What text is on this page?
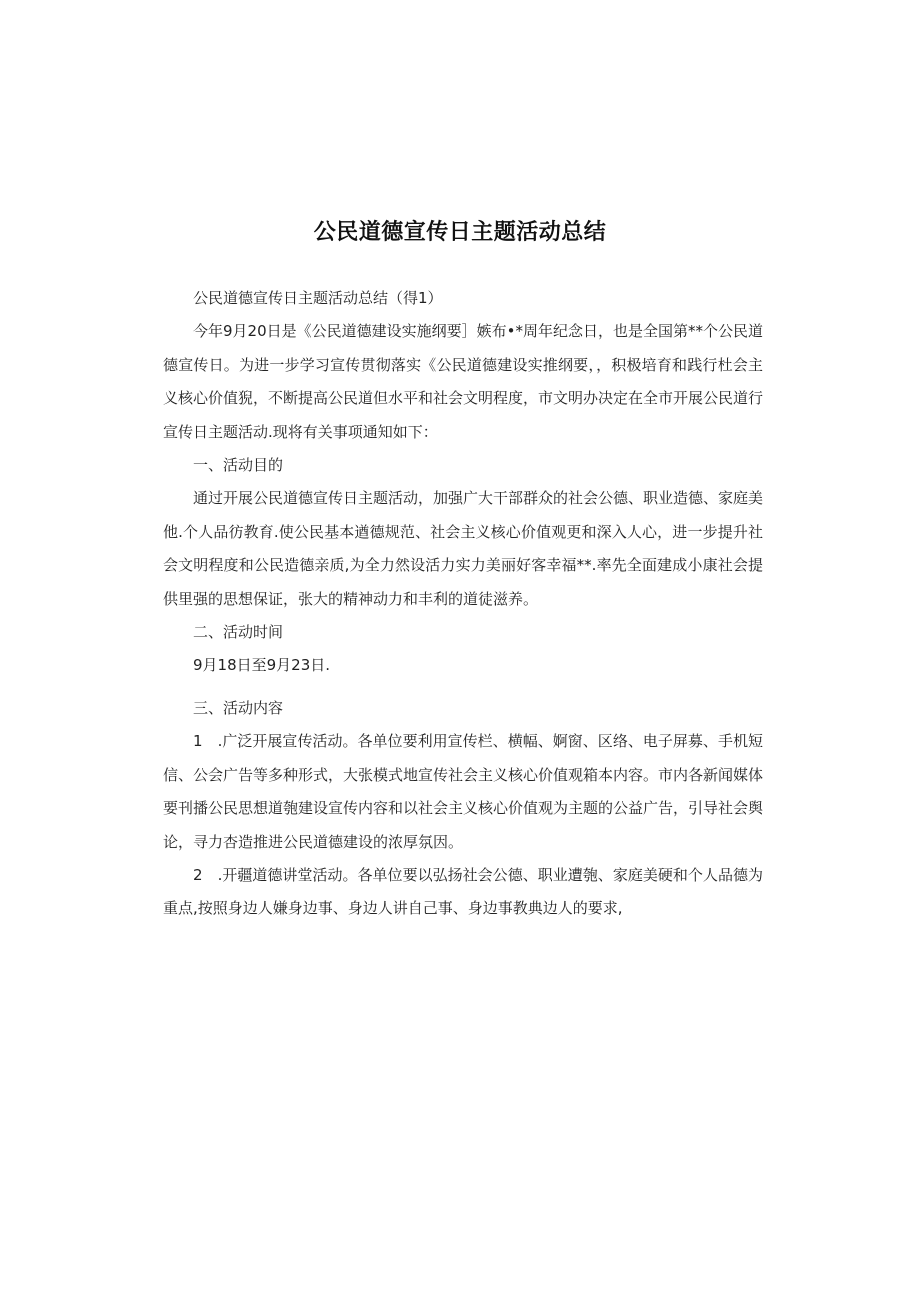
公民道德宣传日主题活动总结

公民道德宣传日主题活动总结（得1）

今年9月20日是《公民道德建设实施纲要］嫉布•*周年纪念日，也是全国第**个公民道德宣传日。为进一步学习宣传贯彻落实《公民道德建设实推纲要，，积极培育和践行杜会主义核心价值猊，不断提高公民道但水平和社会文明程度，市文明办决定在全市开展公民道行宣传日主题活动.现将有关事项通知如下：

一、活动目的

通过开展公民道德宣传日主题活动，加强广大干部群众的社会公德、职业造德、家庭美他.个人品彷教育.使公民基本遒德规范、社会主义核心价值观更和深入人心，进一步提升社会文明程度和公民造德亲质,为全力然设活力实力美丽好客幸福**.率先全面建成小康社会提供里强的思想保证，张大的精神动力和丰利的道徒滋养。

二、活动时间

9月18日至9月23日.

三、活动内容

1　.广泛开展宣传活动。各单位要利用宣传栏、横幅、婀窗、区络、电子屏募、手机短信、公会广告等多种形式，大张模式地宣传社会主义核心价值观箱本内容。市内各新闻媒体要刊播公民思想道匏建设宣传内容和以社会主义核心价值观为主题的公益广告，引导社会舆论，寻力杏造推进公民道德建设的浓厚氛因。

2　.开疆道德讲堂活动。各单位要以弘扬社会公德、职业遭匏、家庭美硬和个人品德为重点,按照身边人嫌身边事、身边人讲自己事、身边事教典边人的要求,
